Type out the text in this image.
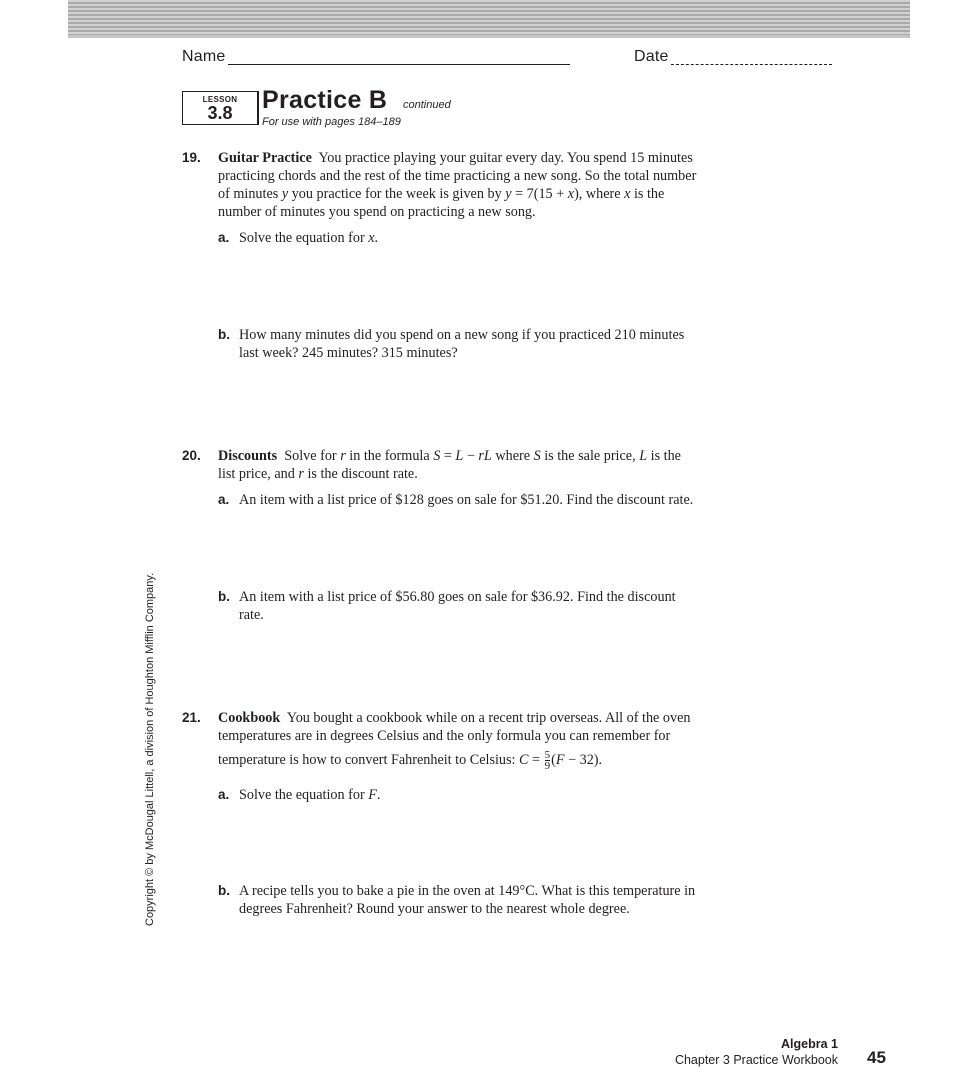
Name	Date
LESSON
3.8	Practice B continued
For use with pages 184–189
19. Guitar Practice You practice playing your guitar every day. You spend 15 minutes

practicing chords and the rest of the time practicing a new song. So the total number

of minutes y you practice for the week is given by y = 7(15 + x), where x is the

number of minutes you spend on practicing a new song.

a. Solve the equation for x.

b. How many minutes did you spend on a new song if you practiced 210 minutes

last week? 245 minutes? 315 minutes?

20. Discounts Solve for r in the formula S = L − rL where S is the sale price, L is the

list price, and r is the discount rate.

a. An item with a list price of $128 goes on sale for $51.20. Find the discount rate.

b. An item with a list price of $56.80 goes on sale for $36.92. Find the discount

rate.

21. Cookbook You bought a cookbook while on a recent trip overseas. All of the oven

temperatures are in degrees Celsius and the only formula you can remember for

temperature is how to convert Fahrenheit to Celsius: $C = \frac{5}{9} (F - 32)$.

a. Solve the equation for F.

b. A recipe tells you to bake a pie in the oven at 149°C. What is this temperature in

degrees Fahrenheit? Round your answer to the nearest whole degree.

Copyright © by McDougal Littell, a division of Houghton Mifflin Company.
Algebra 1
Chapter 3 Practice Workbook 45
